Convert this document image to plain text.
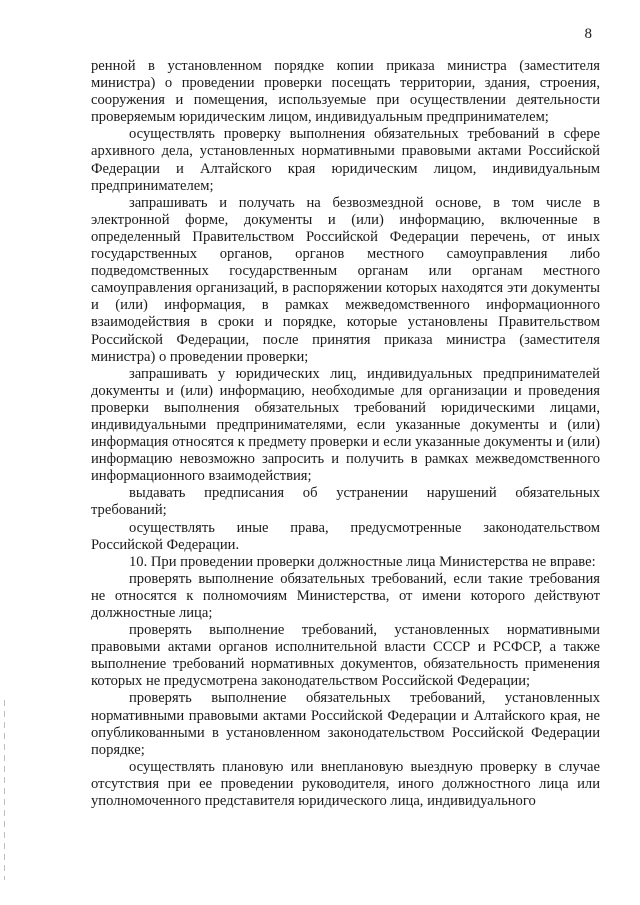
8

ренной в установленном порядке копии приказа министра (заместителя министра) о проведении проверки посещать территории, здания, строения, сооружения и помещения, используемые при осуществлении деятельности проверяемым юридическим лицом, индивидуальным предпринимателем;

осуществлять проверку выполнения обязательных требований в сфере архивного дела, установленных нормативными правовыми актами Российской Федерации и Алтайского края юридическим лицом, индивидуальным предпринимателем;

запрашивать и получать на безвозмездной основе, в том числе в электронной форме, документы и (или) информацию, включенные в определенный Правительством Российской Федерации перечень, от иных государственных органов, органов местного самоуправления либо подведомственных государственным органам или органам местного самоуправления организаций, в распоряжении которых находятся эти документы и (или) информация, в рамках межведомственного информационного взаимодействия в сроки и порядке, которые установлены Правительством Российской Федерации, после принятия приказа министра (заместителя министра) о проведении проверки;

запрашивать у юридических лиц, индивидуальных предпринимателей документы и (или) информацию, необходимые для организации и проведения проверки выполнения обязательных требований юридическими лицами, индивидуальными предпринимателями, если указанные документы и (или) информация относятся к предмету проверки и если указанные документы и (или) информацию невозможно запросить и получить в рамках межведомственного информационного взаимодействия;

выдавать предписания об устранении нарушений обязательных требований;

осуществлять иные права, предусмотренные законодательством Российской Федерации.

10. При проведении проверки должностные лица Министерства не вправе:

проверять выполнение обязательных требований, если такие требования не относятся к полномочиям Министерства, от имени которого действуют должностные лица;

проверять выполнение требований, установленных нормативными правовыми актами органов исполнительной власти СССР и РСФСР, а также выполнение требований нормативных документов, обязательность применения которых не предусмотрена законодательством Российской Федерации;

проверять выполнение обязательных требований, установленных нормативными правовыми актами Российской Федерации и Алтайского края, не опубликованными в установленном законодательством Российской Федерации порядке;

осуществлять плановую или внеплановую выездную проверку в случае отсутствия при ее проведении руководителя, иного должностного лица или уполномоченного представителя юридического лица, индивидуального
